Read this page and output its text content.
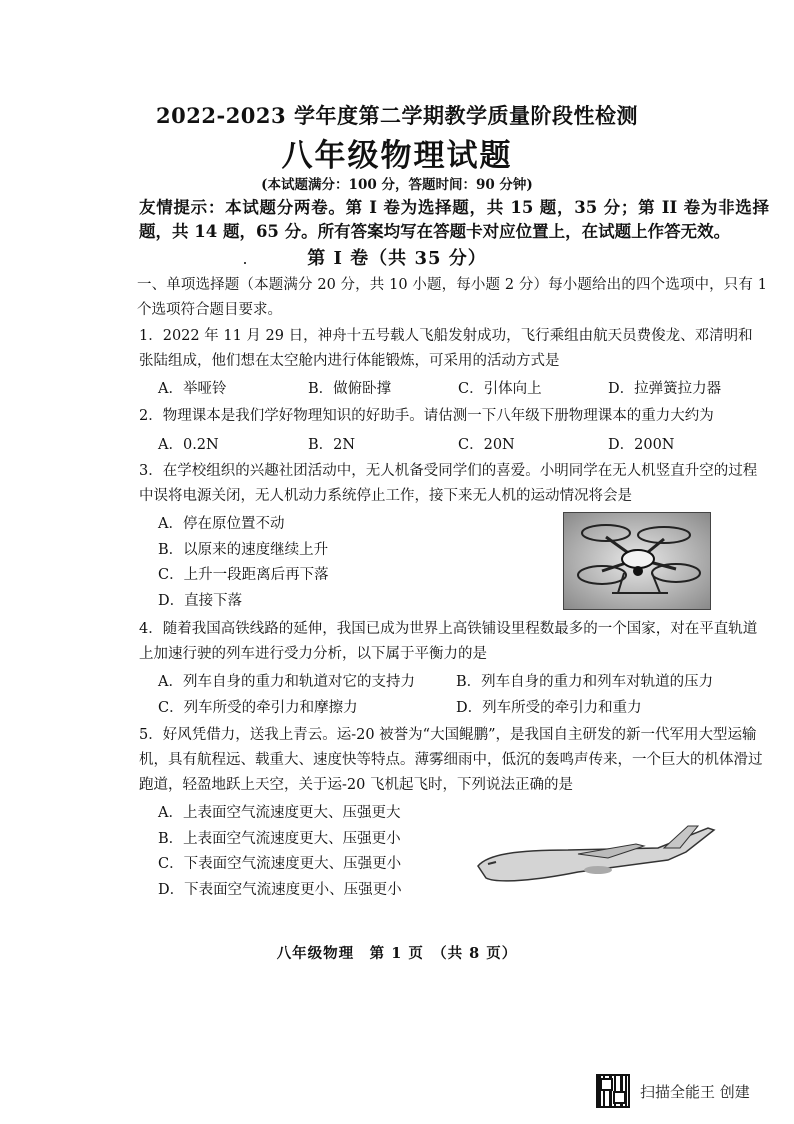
2022-2023 学年度第二学期教学质量阶段性检测
八年级物理试题
(本试题满分：100 分，答题时间：90 分钟)
友情提示：本试题分两卷。第 I 卷为选择题，共 15 题，35 分；第 II 卷为非选择题，共 14 题，65 分。所有答案均写在答题卡对应位置上，在试题上作答无效。
第 I 卷（共 35 分）
一、单项选择题（本题满分 20 分，共 10 小题，每小题 2 分）每小题给出的四个选项中，只有 1 个选项符合题目要求。
1．2022 年 11 月 29 日，神舟十五号载人飞船发射成功，飞行乘组由航天员费俊龙、邓清明和张陆组成，他们想在太空舱内进行体能锻炼，可采用的活动方式是
A．举哑铃	B．做俯卧撑	C．引体向上	D．拉弹簧拉力器
2．物理课本是我们学好物理知识的好助手。请估测一下八年级下册物理课本的重力大约为
A．0.2N	B．2N	C．20N	D．200N
3．在学校组织的兴趣社团活动中，无人机备受同学们的喜爱。小明同学在无人机竖直升空的过程中误将电源关闭，无人机动力系统停止工作，接下来无人机的运动情况将会是
A．停在原位置不动
B．以原来的速度继续上升
C．上升一段距离后再下落
D．直接下落
4．随着我国高铁线路的延伸，我国已成为世界上高铁铺设里程数最多的一个国家，对在平直轨道上加速行驶的列车进行受力分析，以下属于平衡力的是
A．列车自身的重力和轨道对它的支持力	B．列车自身的重力和列车对轨道的压力
C．列车所受的牵引力和摩擦力	D．列车所受的牵引力和重力
5．好风凭借力，送我上青云。运-20 被誉为“大国鲲鹏”，是我国自主研发的新一代军用大型运输机，具有航程远、载重大、速度快等特点。薄雾细雨中，低沉的轰鸣声传来，一个巨大的机体滑过跑道，轻盈地跃上天空，关于运-20 飞机起飞时，下列说法正确的是
A．上表面空气流速度更大、压强更大
B．上表面空气流速度更大、压强更小
C．下表面空气流速度更大、压强更小
D．下表面空气流速度更小、压强更小
八年级物理　第 1 页　（共 8 页）
扫描全能王 创建
